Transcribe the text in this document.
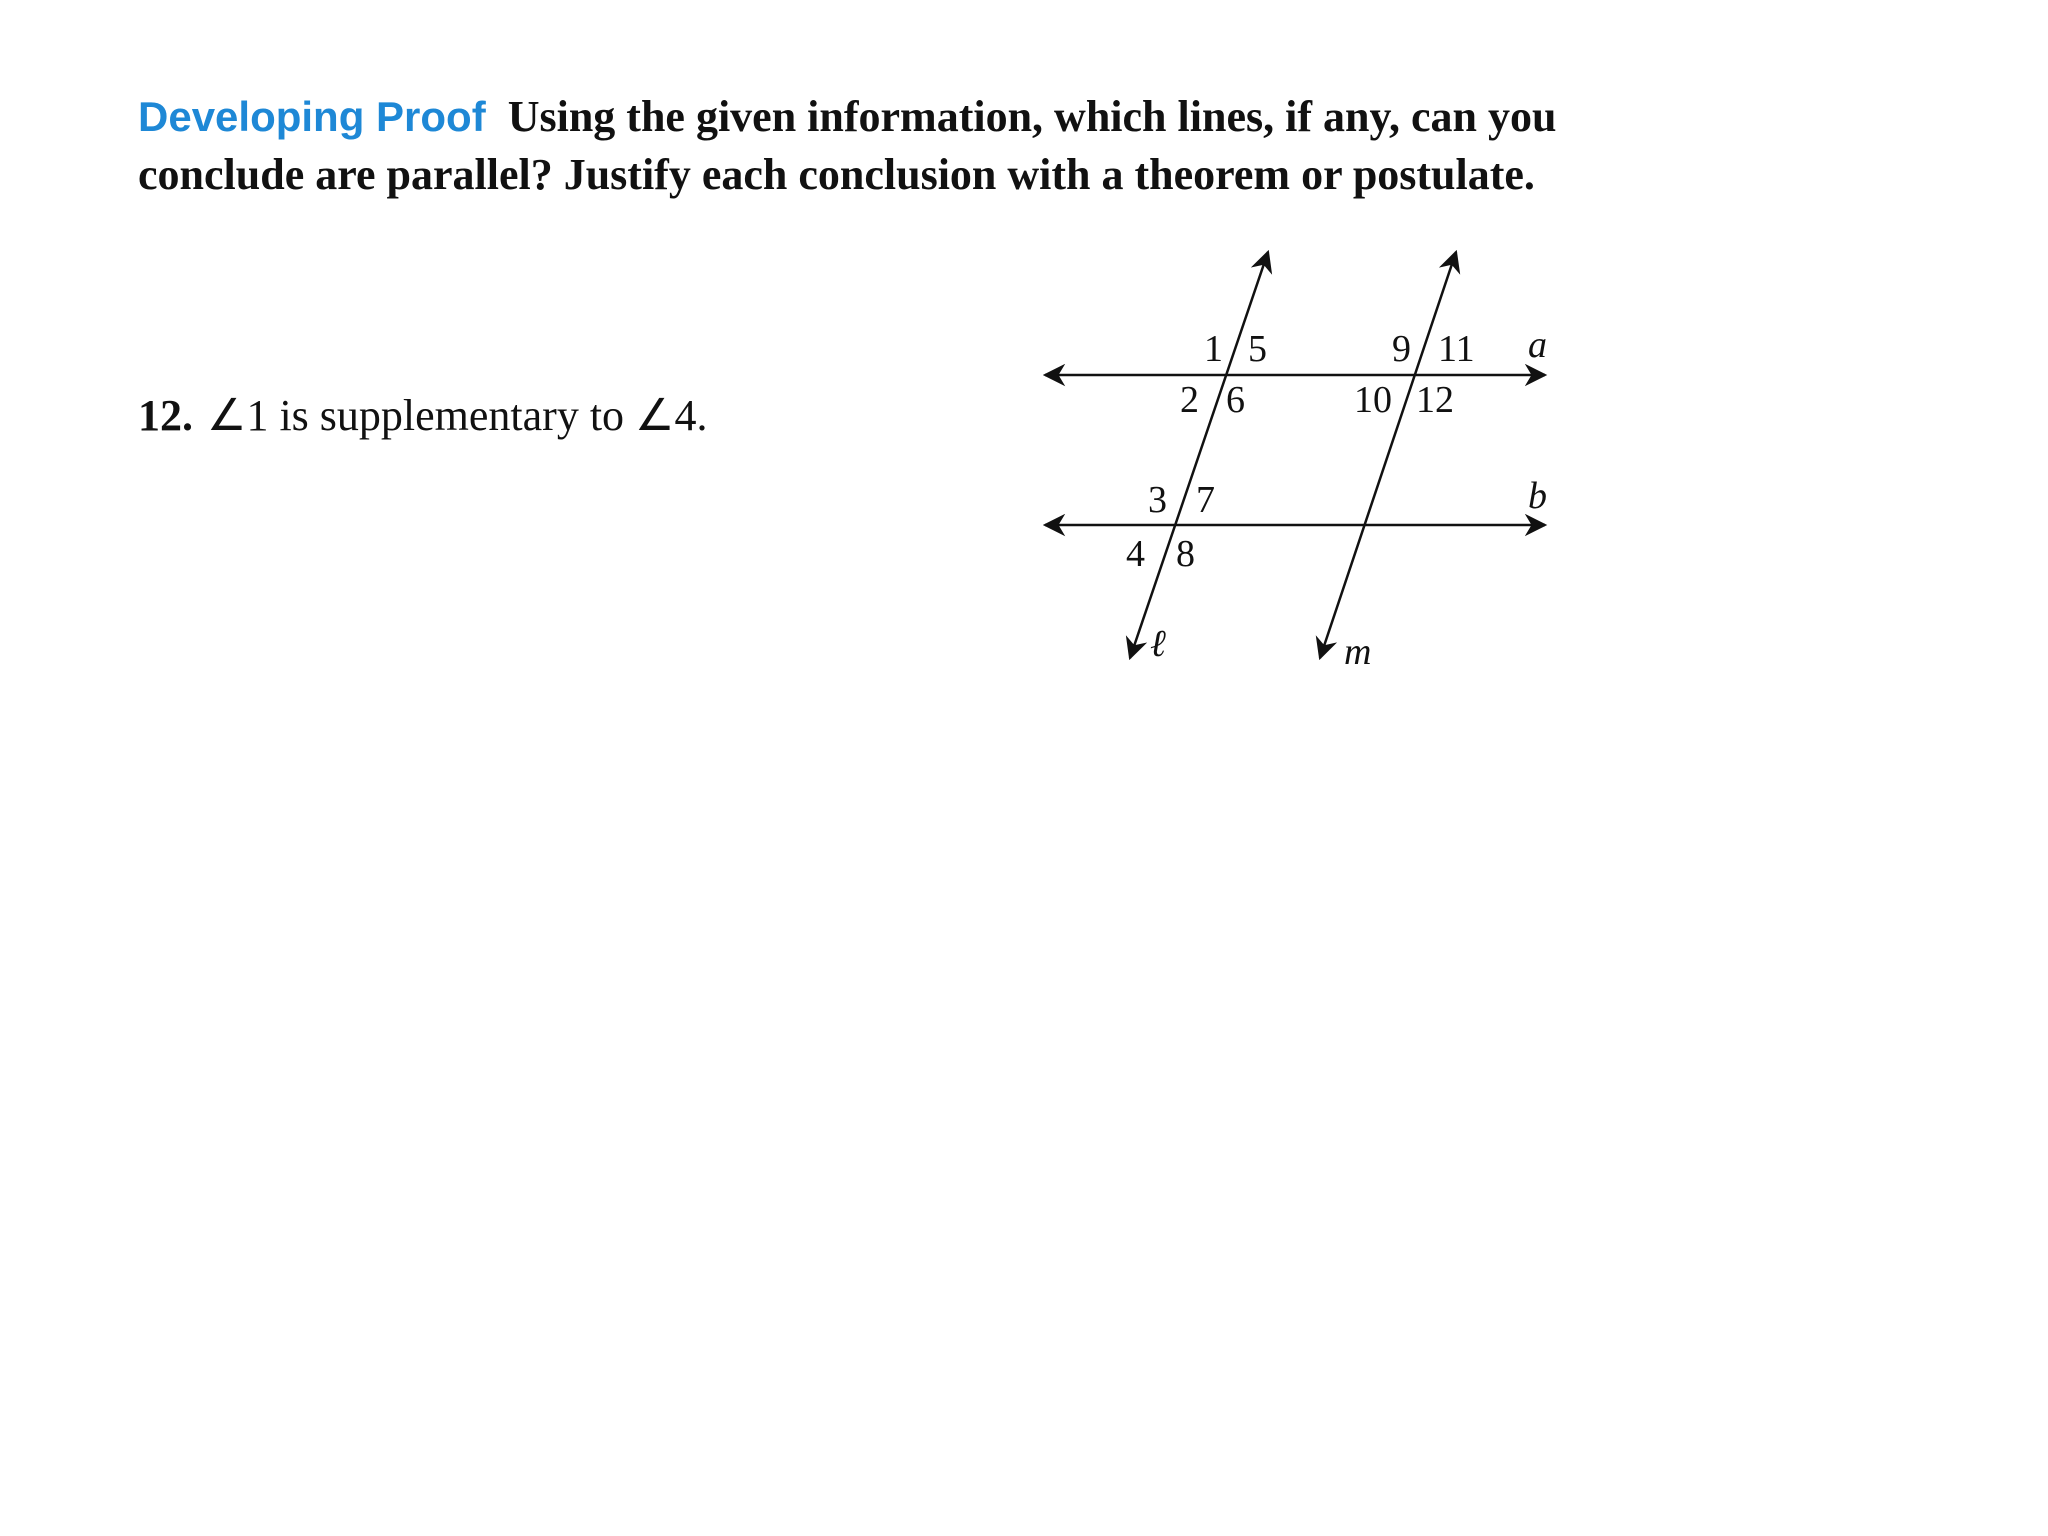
Developing Proof Using the given information, which lines, if any, can you
conclude are parallel? Justify each conclusion with a theorem or postulate.
12. ∠1 is supplementary to ∠4.
a
b
ℓ	m
1 5
2 6
9 11
10 12
3 7
4 8
